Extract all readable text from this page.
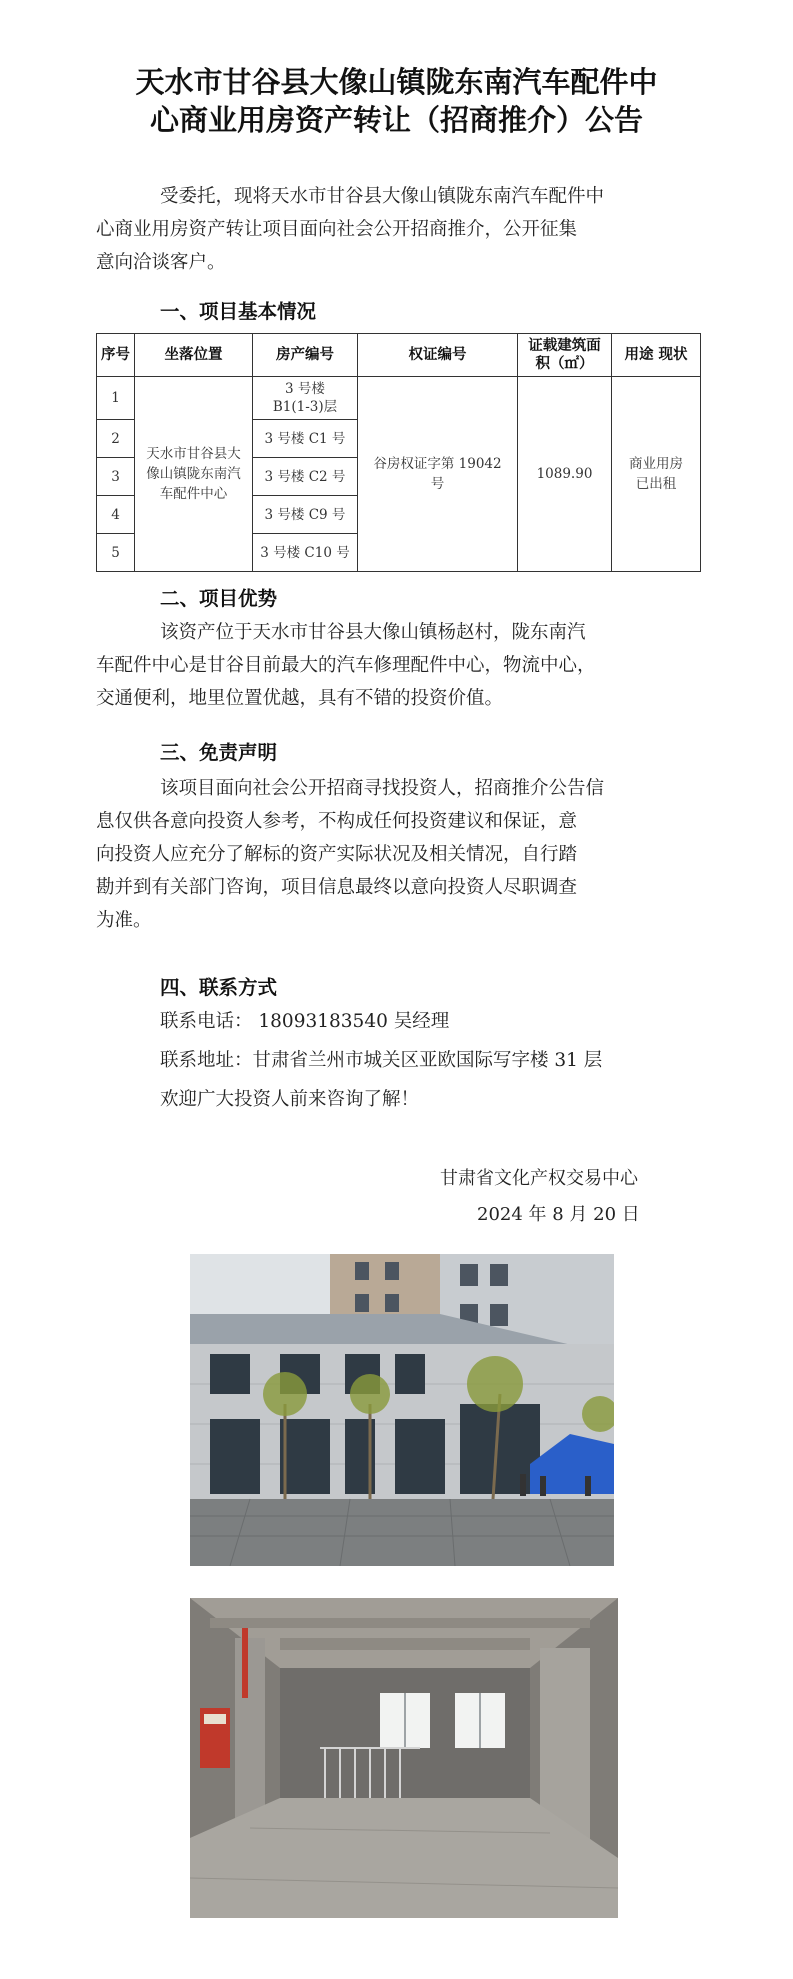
天水市甘谷县大像山镇陇东南汽车配件中
心商业用房资产转让（招商推介）公告

受委托，现将天水市甘谷县大像山镇陇东南汽车配件中

心商业用房资产转让项目面向社会公开招商推介，公开征集

意向洽谈客户。

一、项目基本情况
序号	坐落位置	房产编号	权证编号	证载建筑面积（㎡）	用途 现状
1	天水市甘谷县大像山镇陇东南汽车配件中心	3 号楼
B1(1-3)层	谷房权证字第 19042 号	1089.90	商业用房已出租
2		3 号楼 C1 号			
3		3 号楼 C2 号			
4		3 号楼 C9 号			
5		3 号楼 C10 号			
二、项目优势

该资产位于天水市甘谷县大像山镇杨赵村，陇东南汽

车配件中心是甘谷目前最大的汽车修理配件中心，物流中心，

交通便利，地里位置优越，具有不错的投资价值。

三、免责声明

该项目面向社会公开招商寻找投资人，招商推介公告信

息仅供各意向投资人参考，不构成任何投资建议和保证，意

向投资人应充分了解标的资产实际状况及相关情况，自行踏

勘并到有关部门咨询，项目信息最终以意向投资人尽职调查

为准。

四、联系方式

联系电话： 18093183540 吴经理

联系地址：甘肃省兰州市城关区亚欧国际写字楼 31 层

欢迎广大投资人前来咨询了解！

甘肃省文化产权交易中心
2024 年 8 月 20 日
